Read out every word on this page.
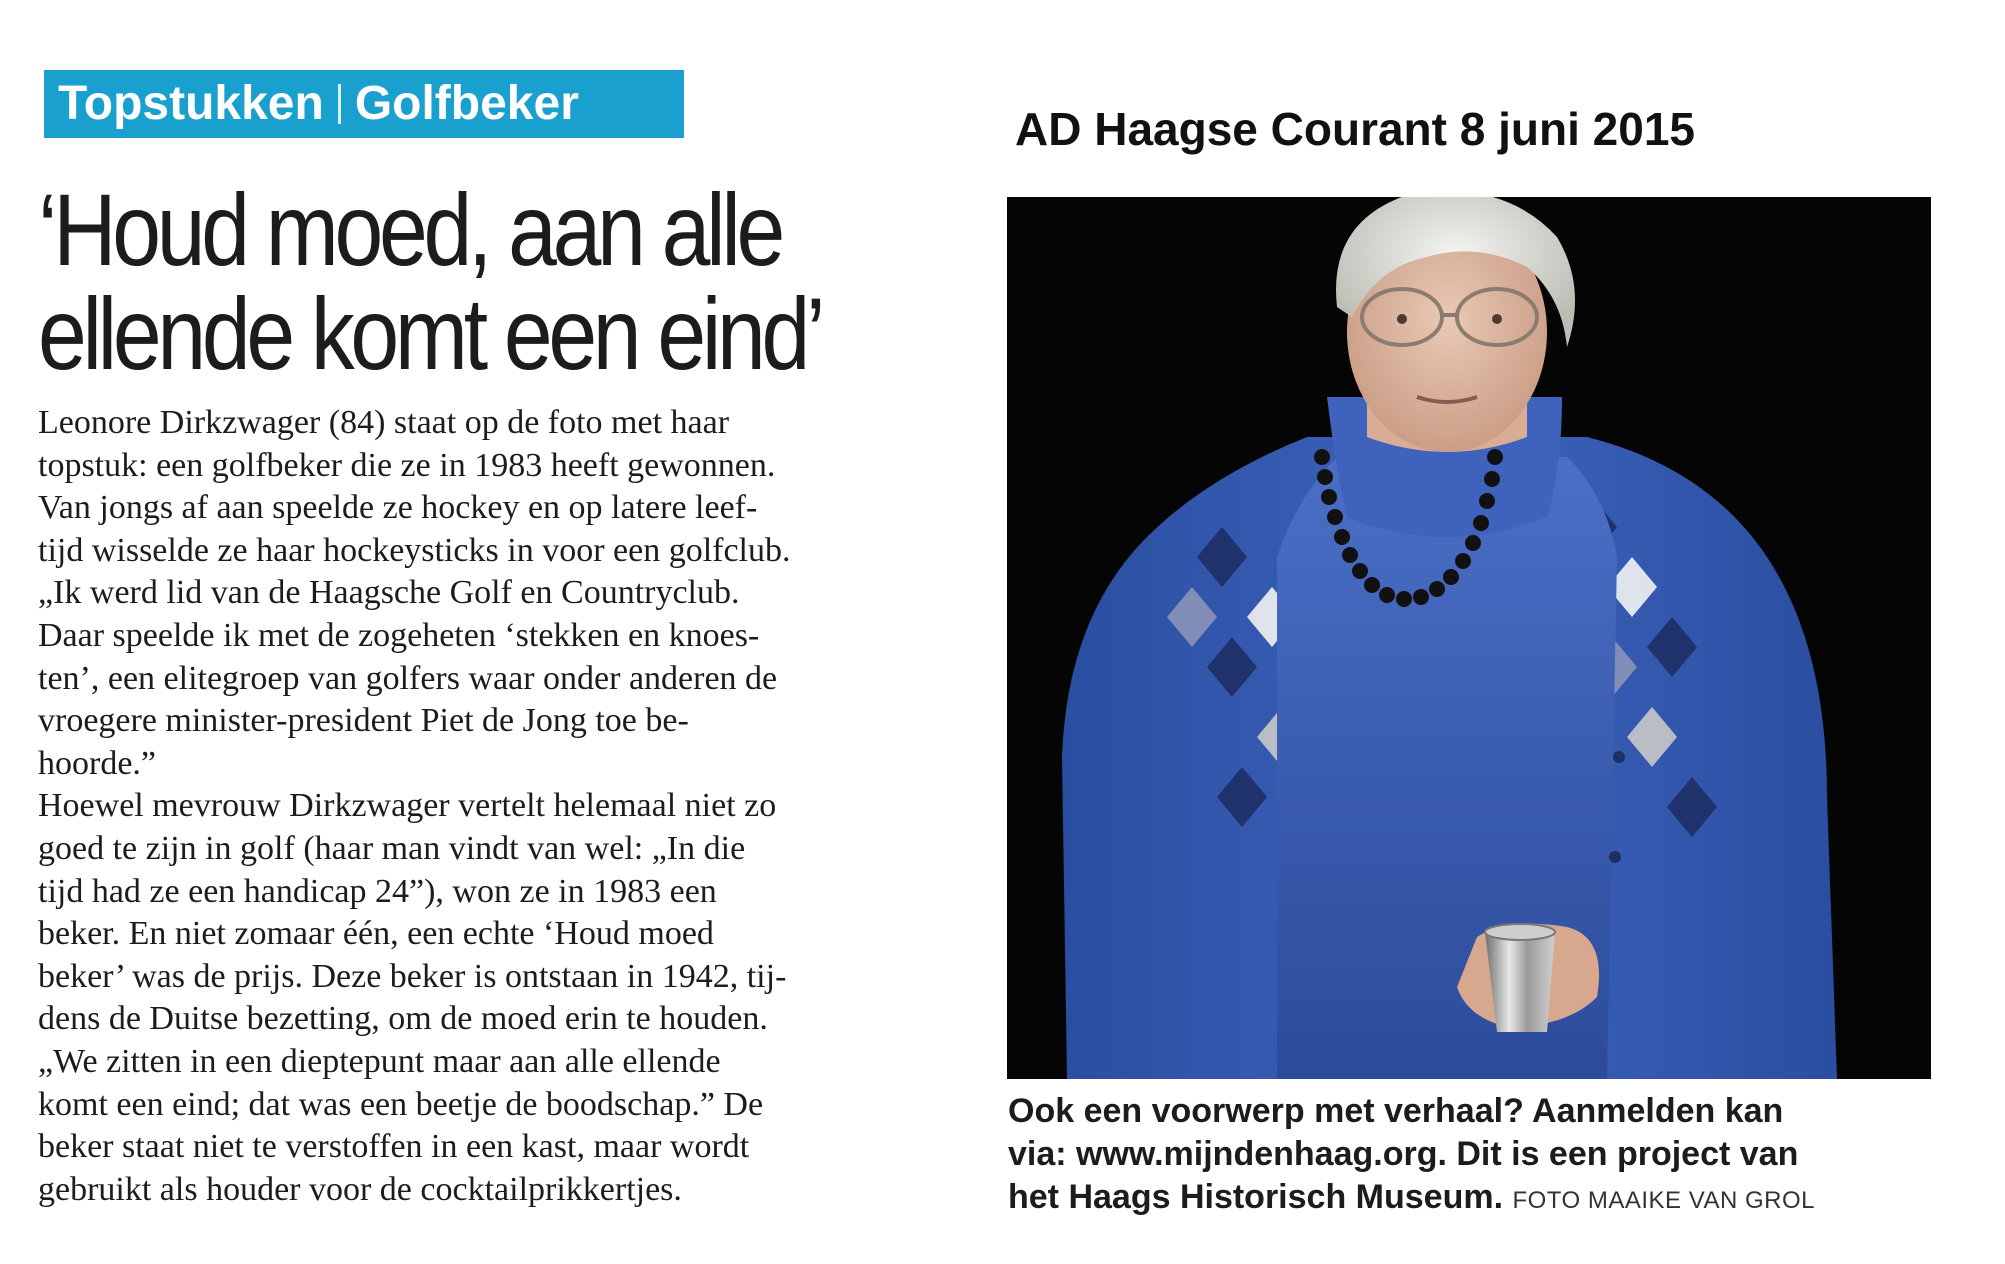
Topstukken Golfbeker	AD Haagse Courant 8 juni 2015
‘Houd moed, aan alle
ellende komt een eind’
Leonore Dirkzwager (84) staat op de foto met haar
topstuk: een golfbeker die ze in 1983 heeft gewonnen.
Van jongs af aan speelde ze hockey en op latere leef-
tijd wisselde ze haar hockeysticks in voor een golfclub.
„Ik werd lid van de Haagsche Golf en Countryclub.
Daar speelde ik met de zogeheten ‘stekken en knoes-
ten’, een elitegroep van golfers waar onder anderen de
vroegere minister-president Piet de Jong toe be-
hoorde.”
Hoewel mevrouw Dirkzwager vertelt helemaal niet zo
goed te zijn in golf (haar man vindt van wel: „In die
tijd had ze een handicap 24”), won ze in 1983 een
beker. En niet zomaar één, een echte ‘Houd moed
beker’ was de prijs. Deze beker is ontstaan in 1942, tij-
dens de Duitse bezetting, om de moed erin te houden.
„We zitten in een dieptepunt maar aan alle ellende
komt een eind; dat was een beetje de boodschap.” De
beker staat niet te verstoffen in een kast, maar wordt
gebruikt als houder voor de cocktailprikkertjes.
Ook een voorwerp met verhaal? Aanmelden kan
via: www.mijndenhaag.org. Dit is een project van
het Haags Historisch Museum. FOTO MAAIKE VAN GROL
